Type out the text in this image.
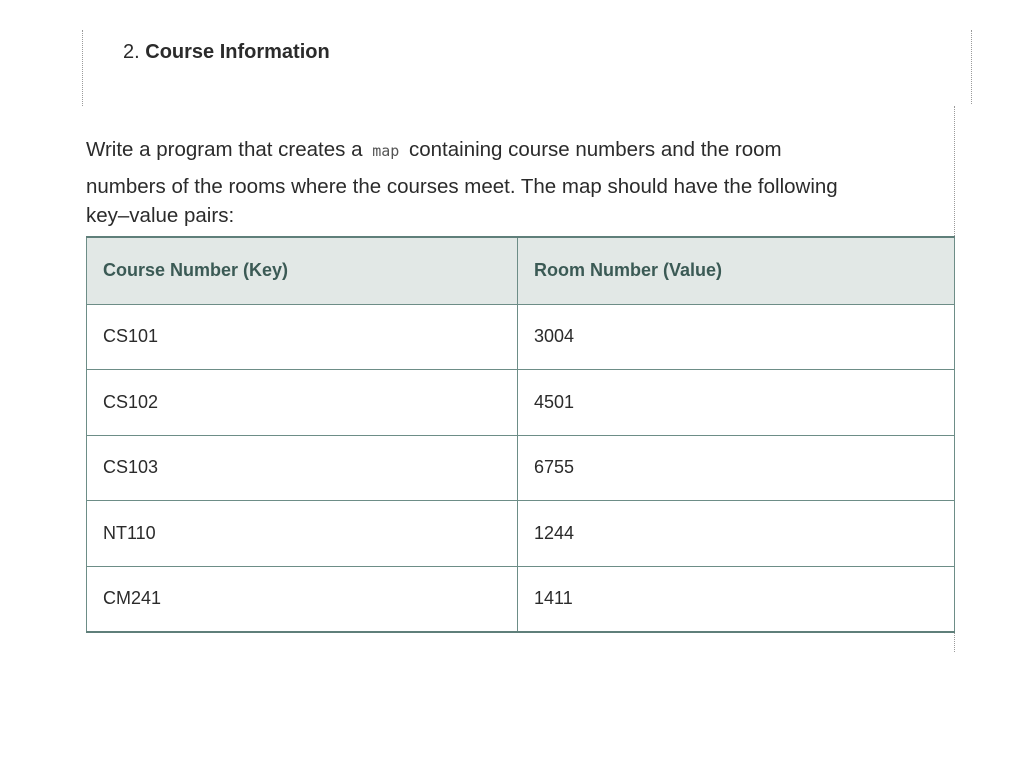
2. Course Information
Write a program that creates a map containing course numbers and the room
numbers of the rooms where the courses meet. The map should have the following
key–value pairs:
Course Number (Key)	Room Number (Value)
CS101	3004
CS102	4501
CS103	6755
NT110	1244
CM241	1411
